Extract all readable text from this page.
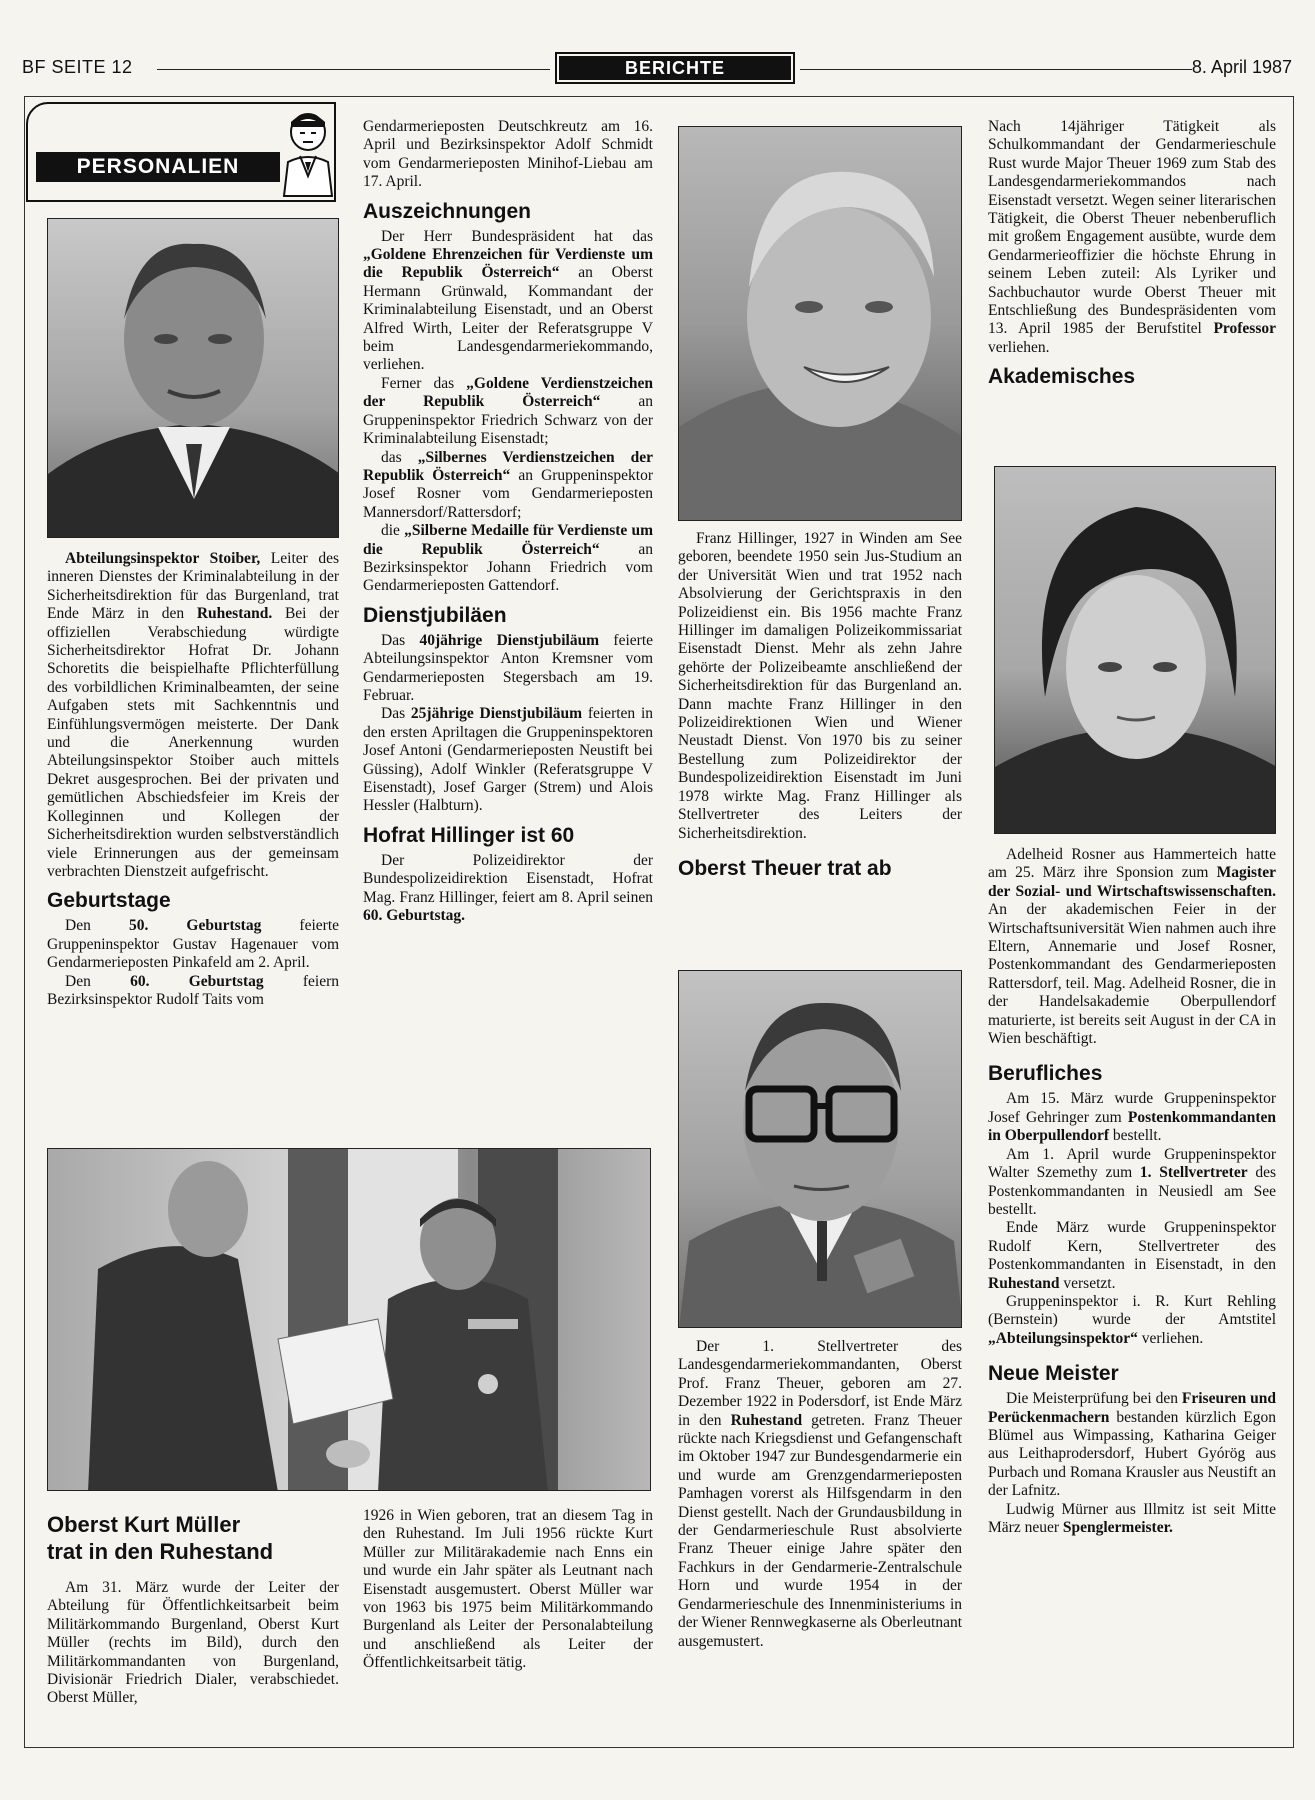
BF SEITE 12	BERICHTE	8. April 1987
PERSONALIEN

Abteilungsinspektor Stoiber, Leiter des inneren Dienstes der Kriminalabteilung in der Sicherheitsdirektion für das Burgenland, trat Ende März in den Ruhestand. Bei der offiziellen Verabschiedung würdigte Sicherheitsdirektor Hofrat Dr. Johann Schoretits die beispielhafte Pflichterfüllung des vorbildlichen Kriminalbeamten, der seine Aufgaben stets mit Sachkenntnis und Einfühlungsvermögen meisterte. Der Dank und die Anerkennung wurden Abteilungsinspektor Stoiber auch mittels Dekret ausgesprochen. Bei der privaten und gemütlichen Abschiedsfeier im Kreis der Kolleginnen und Kollegen der Sicherheitsdirektion wurden selbstverständlich viele Erinnerungen aus der gemeinsam verbrachten Dienstzeit aufgefrischt.

Geburtstage

Den 50. Geburtstag feierte Gruppeninspektor Gustav Hagenauer vom Gendarmerieposten Pinkafeld am 2. April.

Den 60. Geburtstag feiern Bezirksinspektor Rudolf Taits vom

Gendarmerieposten Deutschkreutz am 16. April und Bezirksinspektor Adolf Schmidt vom Gendarmerieposten Minihof-Liebau am 17. April.

Auszeichnungen

Der Herr Bundespräsident hat das „Goldene Ehrenzeichen für Verdienste um die Republik Österreich“ an Oberst Hermann Grünwald, Kommandant der Kriminalabteilung Eisenstadt, und an Oberst Alfred Wirth, Leiter der Referatsgruppe V beim Landesgendarmeriekommando, verliehen.

Ferner das „Goldene Verdienstzeichen der Republik Österreich“ an Gruppeninspektor Friedrich Schwarz von der Kriminalabteilung Eisenstadt;

das „Silbernes Verdienstzeichen der Republik Österreich“ an Gruppeninspektor Josef Rosner vom Gendarmerieposten Mannersdorf/Rattersdorf;

die „Silberne Medaille für Verdienste um die Republik Österreich“ an Bezirksinspektor Johann Friedrich vom Gendarmerieposten Gattendorf.

Dienstjubiläen

Das 40jährige Dienstjubiläum feierte Abteilungsinspektor Anton Kremsner vom Gendarmerieposten Stegersbach am 19. Februar.

Das 25jährige Dienstjubiläum feierten in den ersten Apriltagen die Gruppeninspektoren Josef Antoni (Gendarmerieposten Neustift bei Güssing), Adolf Winkler (Referatsgruppe V Eisenstadt), Josef Garger (Strem) und Alois Hessler (Halbturn).

Hofrat Hillinger ist 60

Der Polizeidirektor der Bundespolizeidirektion Eisenstadt, Hofrat Mag. Franz Hillinger, feiert am 8. April seinen 60. Geburtstag.

Oberst Kurt Müller
trat in den Ruhestand

Am 31. März wurde der Leiter der Abteilung für Öffentlichkeitsarbeit beim Militärkommando Burgenland, Oberst Kurt Müller (rechts im Bild), durch den Militärkommandanten von Burgenland, Divisionär Friedrich Dialer, verabschiedet. Oberst Müller,

1926 in Wien geboren, trat an diesem Tag in den Ruhestand. Im Juli 1956 rückte Kurt Müller zur Militärakademie nach Enns ein und wurde ein Jahr später als Leutnant nach Eisenstadt ausgemustert. Oberst Müller war von 1963 bis 1975 beim Militärkommando Burgenland als Leiter der Personalabteilung und anschließend als Leiter der Öffentlichkeitsarbeit tätig.

Franz Hillinger, 1927 in Winden am See geboren, beendete 1950 sein Jus-Studium an der Universität Wien und trat 1952 nach Absolvierung der Gerichtspraxis in den Polizeidienst ein. Bis 1956 machte Franz Hillinger im damaligen Polizeikommissariat Eisenstadt Dienst. Mehr als zehn Jahre gehörte der Polizeibeamte anschließend der Sicherheitsdirektion für das Burgenland an. Dann machte Franz Hillinger in den Polizeidirektionen Wien und Wiener Neustadt Dienst. Von 1970 bis zu seiner Bestellung zum Polizeidirektor der Bundespolizeidirektion Eisenstadt im Juni 1978 wirkte Mag. Franz Hillinger als Stellvertreter des Leiters der Sicherheitsdirektion.

Oberst Theuer trat ab

Der 1. Stellvertreter des Landesgendarmeriekommandanten, Oberst Prof. Franz Theuer, geboren am 27. Dezember 1922 in Podersdorf, ist Ende März in den Ruhestand getreten. Franz Theuer rückte nach Kriegsdienst und Gefangenschaft im Oktober 1947 zur Bundesgendarmerie ein und wurde am Grenzgendarmerieposten Pamhagen vorerst als Hilfsgendarm in den Dienst gestellt. Nach der Grundausbildung in der Gendarmerieschule Rust absolvierte Franz Theuer einige Jahre später den Fachkurs in der Gendarmerie-Zentralschule Horn und wurde 1954 in der Gendarmerieschule des Innenministeriums in der Wiener Rennwegkaserne als Oberleutnant ausgemustert.

Nach 14jähriger Tätigkeit als Schulkommandant der Gendarmerieschule Rust wurde Major Theuer 1969 zum Stab des Landesgendarmeriekommandos nach Eisenstadt versetzt. Wegen seiner literarischen Tätigkeit, die Oberst Theuer nebenberuflich mit großem Engagement ausübte, wurde dem Gendarmerieoffizier die höchste Ehrung in seinem Leben zuteil: Als Lyriker und Sachbuchautor wurde Oberst Theuer mit Entschließung des Bundespräsidenten vom 13. April 1985 der Berufstitel Professor verliehen.

Akademisches

Adelheid Rosner aus Hammerteich hatte am 25. März ihre Sponsion zum Magister der Sozial- und Wirtschaftswissenschaften. An der akademischen Feier in der Wirtschaftsuniversität Wien nahmen auch ihre Eltern, Annemarie und Josef Rosner, Postenkommandant des Gendarmerieposten Rattersdorf, teil. Mag. Adelheid Rosner, die in der Handelsakademie Oberpullendorf maturierte, ist bereits seit August in der CA in Wien beschäftigt.

Berufliches

Am 15. März wurde Gruppeninspektor Josef Gehringer zum Postenkommandanten in Oberpullendorf bestellt.

Am 1. April wurde Gruppeninspektor Walter Szemethy zum 1. Stellvertreter des Postenkommandanten in Neusiedl am See bestellt.

Ende März wurde Gruppeninspektor Rudolf Kern, Stellvertreter des Postenkommandanten in Eisenstadt, in den Ruhestand versetzt.

Gruppeninspektor i. R. Kurt Rehling (Bernstein) wurde der Amtstitel „Abteilungsinspektor“ verliehen.

Neue Meister

Die Meisterprüfung bei den Friseuren und Perückenmachern bestanden kürzlich Egon Blümel aus Wimpassing, Katharina Geiger aus Leithaprodersdorf, Hubert Gyórög aus Purbach und Romana Krausler aus Neustift an der Lafnitz.

Ludwig Mürner aus Illmitz ist seit Mitte März neuer Spenglermeister.
